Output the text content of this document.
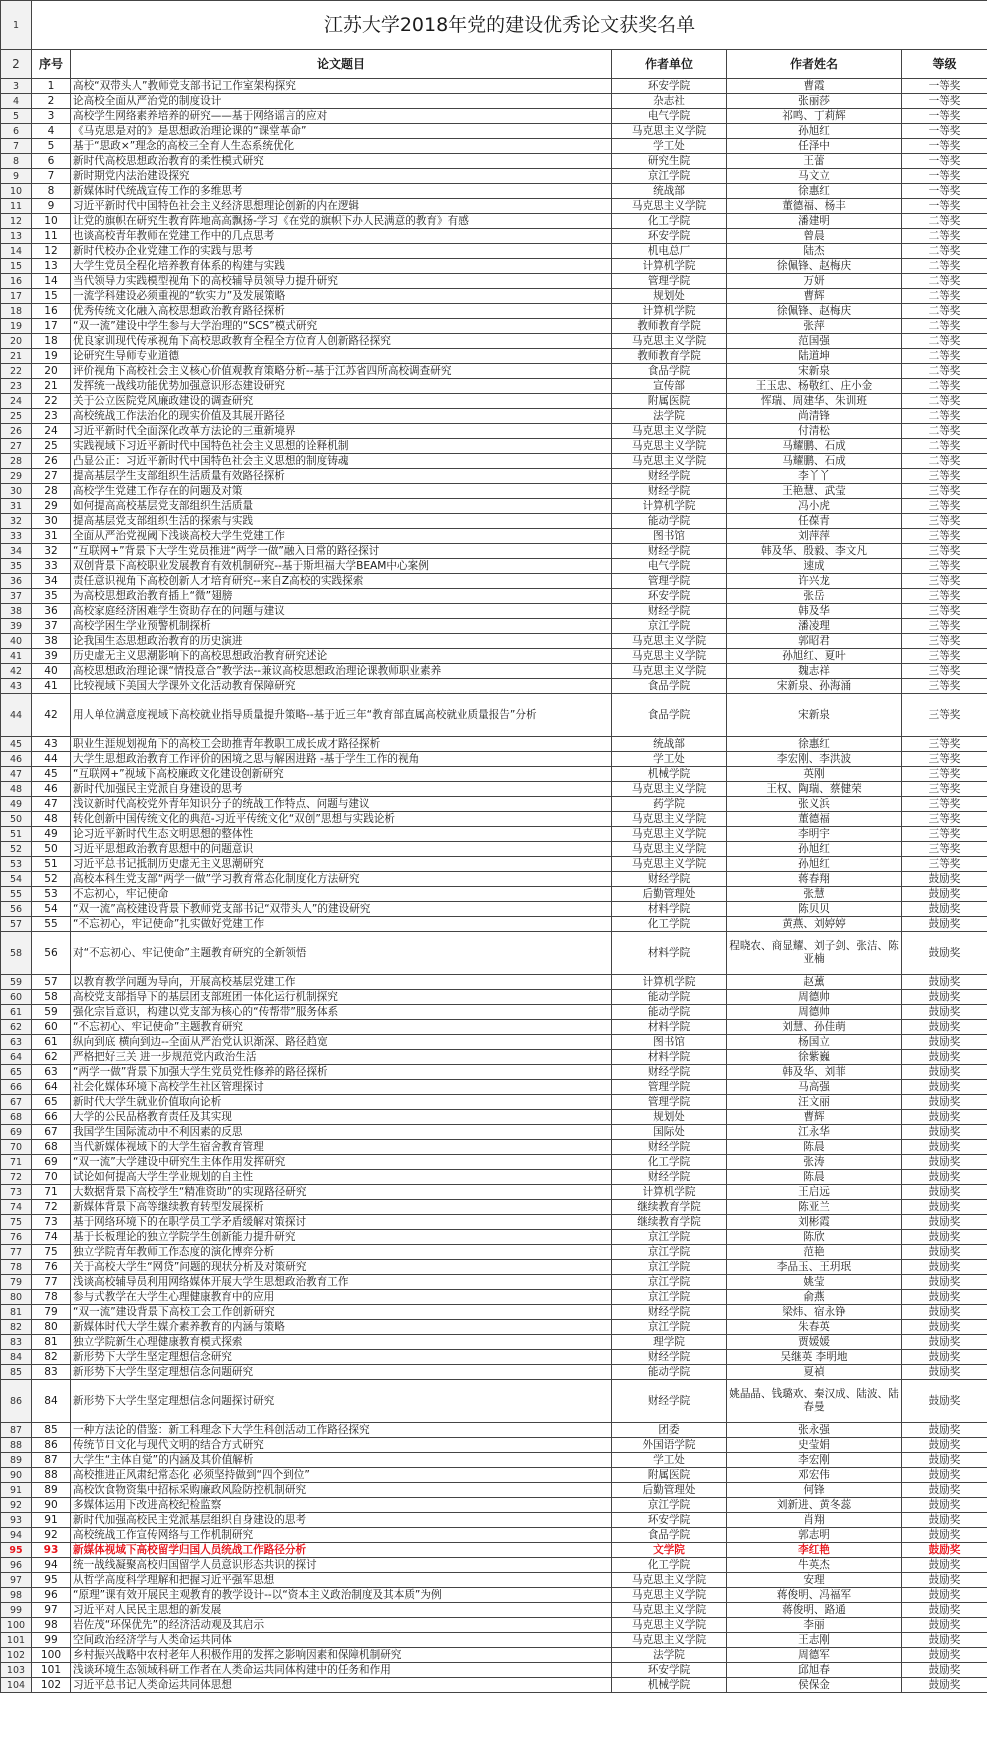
1	江苏大学2018年党的建设优秀论文获奖名单				
2	序号	论文题目	作者单位	作者姓名	等级
3	1	高校“双带头人”教师党支部书记工作室架构探究	环安学院	曹霞	一等奖
4	2	论高校全面从严治党的制度设计	杂志社	张丽莎	一等奖
5	3	高校学生网络素养培养的研究——基于网络谣言的应对	电气学院	祁鸣、丁莉辉	一等奖
6	4	《马克思是对的》是思想政治理论课的“课堂革命”	马克思主义学院	孙旭红	一等奖
7	5	基于“思政×”理念的高校三全育人生态系统优化	学工处	任泽中	一等奖
8	6	新时代高校思想政治教育的柔性模式研究	研究生院	王蕾	一等奖
9	7	新时期党内法治建设探究	京江学院	马文立	一等奖
10	8	新媒体时代统战宣传工作的多维思考	统战部	徐惠红	一等奖
11	9	习近平新时代中国特色社会主义经济思想理论创新的内在逻辑	马克思主义学院	董德福、杨丰	一等奖
12	10	让党的旗帜在研究生教育阵地高高飘扬-学习《在党的旗帜下办人民满意的教育》有感	化工学院	潘建明	二等奖
13	11	也谈高校青年教师在党建工作中的几点思考	环安学院	曾晨	二等奖
14	12	新时代校办企业党建工作的实践与思考	机电总厂	陆杰	二等奖
15	13	大学生党员全程化培养教育体系的构建与实践	计算机学院	徐佩锋、赵梅庆	二等奖
16	14	当代领导力实践模型视角下的高校辅导员领导力提升研究	管理学院	万妍	二等奖
17	15	一流学科建设必须重视的“软实力”及发展策略	规划处	曹辉	二等奖
18	16	优秀传统文化融入高校思想政治教育路径探析	计算机学院	徐佩锋、赵梅庆	二等奖
19	17	“双一流”建设中学生参与大学治理的“SCS”模式研究	教师教育学院	张萍	二等奖
20	18	优良家训现代传承视角下高校思政教育全程全方位育人创新路径探究	马克思主义学院	范国强	二等奖
21	19	论研究生导师专业道德	教师教育学院	陆道坤	二等奖
22	20	评价视角下高校社会主义核心价值观教育策略分析--基于江苏省四所高校调查研究	食品学院	宋新泉	二等奖
23	21	发挥统一战线功能优势加强意识形态建设研究	宣传部	王玉忠、杨敬红、庄小金	二等奖
24	22	关于公立医院党风廉政建设的调查研究	附属医院	恽瑞、周建华、朱训班	二等奖
25	23	高校统战工作法治化的现实价值及其展开路径	法学院	尚清锋	二等奖
26	24	习近平新时代全面深化改革方法论的三重新境界	马克思主义学院	付清松	二等奖
27	25	实践视域下习近平新时代中国特色社会主义思想的诠释机制	马克思主义学院	马耀鹏、石成	二等奖
28	26	凸显公正：习近平新时代中国特色社会主义思想的制度铸魂	马克思主义学院	马耀鹏、石成	二等奖
29	27	提高基层学生支部组织生活质量有效路径探析	财经学院	李丫丫	三等奖
30	28	高校学生党建工作存在的问题及对策	财经学院	王艳慧、武莹	三等奖
31	29	如何提高高校基层党支部组织生活质量	计算机学院	冯小虎	三等奖
32	30	提高基层党支部组织生活的探索与实践	能动学院	任葆青	三等奖
33	31	全面从严治党视阈下浅谈高校大学生党建工作	图书馆	刘萍萍	三等奖
34	32	“互联网+”背景下大学生党员推进“两学一做”融入日常的路径探讨	财经学院	韩及华、殷毅、李文凡	三等奖
35	33	双创背景下高校职业发展教育有效机制研究--基于斯坦福大学BEAM中心案例	电气学院	速成	三等奖
36	34	责任意识视角下高校创新人才培育研究--来自Z高校的实践探索	管理学院	许兴龙	三等奖
37	35	为高校思想政治教育插上“微”翅膀	环安学院	张岳	三等奖
38	36	高校家庭经济困难学生资助存在的问题与建议	财经学院	韩及华	三等奖
39	37	高校学困生学业预警机制探析	京江学院	潘凌理	三等奖
40	38	论我国生态思想政治教育的历史演进	马克思主义学院	郭昭君	三等奖
41	39	历史虚无主义思潮影响下的高校思想政治教育研究述论	马克思主义学院	孙旭红、夏叶	三等奖
42	40	高校思想政治理论课“情投意合”教学法--兼议高校思想政治理论课教师职业素养	马克思主义学院	魏志祥	三等奖
43	41	比较视域下美国大学课外文化活动教育保障研究	食品学院	宋新泉、孙海涌	三等奖
44	42	用人单位满意度视域下高校就业指导质量提升策略--基于近三年“教育部直属高校就业质量报告”分析	食品学院	宋新泉	三等奖
45	43	职业生涯规划视角下的高校工会助推青年教职工成长成才路径探析	统战部	徐惠红	三等奖
46	44	大学生思想政治教育工作评价的困境之思与解困进路 -基于学生工作的视角	学工处	李宏刚、李洪波	三等奖
47	45	“互联网+”视域下高校廉政文化建设创新研究	机械学院	英刚	三等奖
48	46	新时代加强民主党派自身建设的思考	马克思主义学院	王权、陶瑞、蔡健荣	三等奖
49	47	浅议新时代高校党外青年知识分子的统战工作特点、问题与建议	药学院	张义浜	三等奖
50	48	转化创新中国传统文化的典范-习近平传统文化“双创”思想与实践论析	马克思主义学院	董德福	三等奖
51	49	论习近平新时代生态文明思想的整体性	马克思主义学院	李明宇	三等奖
52	50	习近平思想政治教育思想中的问题意识	马克思主义学院	孙旭红	三等奖
53	51	习近平总书记抵制历史虚无主义思潮研究	马克思主义学院	孙旭红	三等奖
54	52	高校本科生党支部“两学一做”学习教育常态化制度化方法研究	财经学院	蒋春翔	鼓励奖
55	53	不忘初心，牢记使命	后勤管理处	张慧	鼓励奖
56	54	“双一流”高校建设背景下教师党支部书记“双带头人”的建设研究	材料学院	陈贝贝	鼓励奖
57	55	“不忘初心，牢记使命”扎实做好党建工作	化工学院	黄燕、刘婷婷	鼓励奖
58	56	对“不忘初心、牢记使命”主题教育研究的全新领悟	材料学院	程晓农、商显耀、刘子剑、张洁、陈亚楠	鼓励奖
59	57	以教育教学问题为导向，开展高校基层党建工作	计算机学院	赵薰	鼓励奖
60	58	高校党支部指导下的基层团支部班团一体化运行机制探究	能动学院	周德帅	鼓励奖
61	59	强化宗旨意识，构建以党支部为核心的“传帮带”服务体系	能动学院	周德帅	鼓励奖
62	60	“不忘初心、牢记使命”主题教育研究	材料学院	刘慧、孙佳萌	鼓励奖
63	61	纵向到底 横向到边--全面从严治党认识渐深、路径趋宽	图书馆	杨国立	鼓励奖
64	62	严格把好三关 进一步规范党内政治生活	材料学院	徐紫巍	鼓励奖
65	63	“两学一做”背景下加强大学生党员党性修养的路径探析	财经学院	韩及华、刘菲	鼓励奖
66	64	社会化媒体环境下高校学生社区管理探讨	管理学院	马高强	鼓励奖
67	65	新时代大学生就业价值取向论析	管理学院	汪文丽	鼓励奖
68	66	大学的公民品格教育责任及其实现	规划处	曹辉	鼓励奖
69	67	我国学生国际流动中不利因素的反思	国际处	江永华	鼓励奖
70	68	当代新媒体视域下的大学生宿舍教育管理	财经学院	陈晨	鼓励奖
71	69	“双一流”大学建设中研究生主体作用发挥研究	化工学院	张涛	鼓励奖
72	70	试论如何提高大学生学业规划的自主性	财经学院	陈晨	鼓励奖
73	71	大数据背景下高校学生“精准资助”的实现路径研究	计算机学院	王启远	鼓励奖
74	72	新媒体背景下高等继续教育转型发展探析	继续教育学院	陈亚兰	鼓励奖
75	73	基于网络环境下的在职学员工学矛盾缓解对策探讨	继续教育学院	刘彬霞	鼓励奖
76	74	基于长板理论的独立学院学生创新能力提升研究	京江学院	陈欣	鼓励奖
77	75	独立学院青年教师工作态度的演化博弈分析	京江学院	范艳	鼓励奖
78	76	关于高校大学生“网贷”问题的现状分析及对策研究	京江学院	李品玉、王玥珉	鼓励奖
79	77	浅谈高校辅导员利用网络媒体开展大学生思想政治教育工作	京江学院	姚莹	鼓励奖
80	78	参与式教学在大学生心理健康教育中的应用	京江学院	俞燕	鼓励奖
81	79	“双一流”建设背景下高校工会工作创新研究	财经学院	梁炜、宿永铮	鼓励奖
82	80	新媒体时代大学生媒介素养教育的内涵与策略	京江学院	朱春英	鼓励奖
83	81	独立学院新生心理健康教育模式探索	理学院	贾媛媛	鼓励奖
84	82	新形势下大学生坚定理想信念研究	财经学院	吴继英 李明地	鼓励奖
85	83	新形势下大学生坚定理想信念问题研究	能动学院	夏禎	鼓励奖
86	84	新形势下大学生坚定理想信念问题探讨研究	财经学院	姚晶晶、钱璐欢、秦汉成、陆波、陆春曼	鼓励奖
87	85	一种方法论的借鉴：新工科理念下大学生科创活动工作路径探究	团委	张永强	鼓励奖
88	86	传统节日文化与现代文明的结合方式研究	外国语学院	史莹娟	鼓励奖
89	87	大学生“主体自觉”的内涵及其价值解析	学工处	李宏刚	鼓励奖
90	88	高校推进正风肃纪常态化 必须坚持做到“四个到位”	附属医院	邓宏伟	鼓励奖
91	89	高校饮食物资集中招标采购廉政风险防控机制研究	后勤管理处	何锋	鼓励奖
92	90	多媒体运用下改进高校纪检监察	京江学院	刘新进、黄冬蕊	鼓励奖
93	91	新时代加强高校民主党派基层组织自身建设的思考	环安学院	肖翔	鼓励奖
94	92	高校统战工作宣传网络与工作机制研究	食品学院	郭志明	鼓励奖
95	93	新媒体视域下高校留学归国人员统战工作路径分析	文学院	李红艳	鼓励奖
96	94	统一战线凝聚高校归国留学人员意识形态共识的探讨	化工学院	牛英杰	鼓励奖
97	95	从哲学高度科学理解和把握习近平强军思想	马克思主义学院	安理	鼓励奖
98	96	“原理”课有效开展民主观教育的教学设计--以“资本主义政治制度及其本质”为例	马克思主义学院	蒋俊明、冯福军	鼓励奖
99	97	习近平对人民民主思想的新发展	马克思主义学院	蒋俊明、路通	鼓励奖
100	98	岩佐茂“环保优先”的经济活动观及其启示	马克思主义学院	李丽	鼓励奖
101	99	空间政治经济学与人类命运共同体	马克思主义学院	王志刚	鼓励奖
102	100	乡村振兴战略中农村老年人积极作用的发挥之影响因素和保障机制研究	法学院	周德军	鼓励奖
103	101	浅谈环境生态领域科研工作者在人类命运共同体构建中的任务和作用	环安学院	邱旭春	鼓励奖
104	102	习近平总书记人类命运共同体思想	机械学院	侯保金	鼓励奖
